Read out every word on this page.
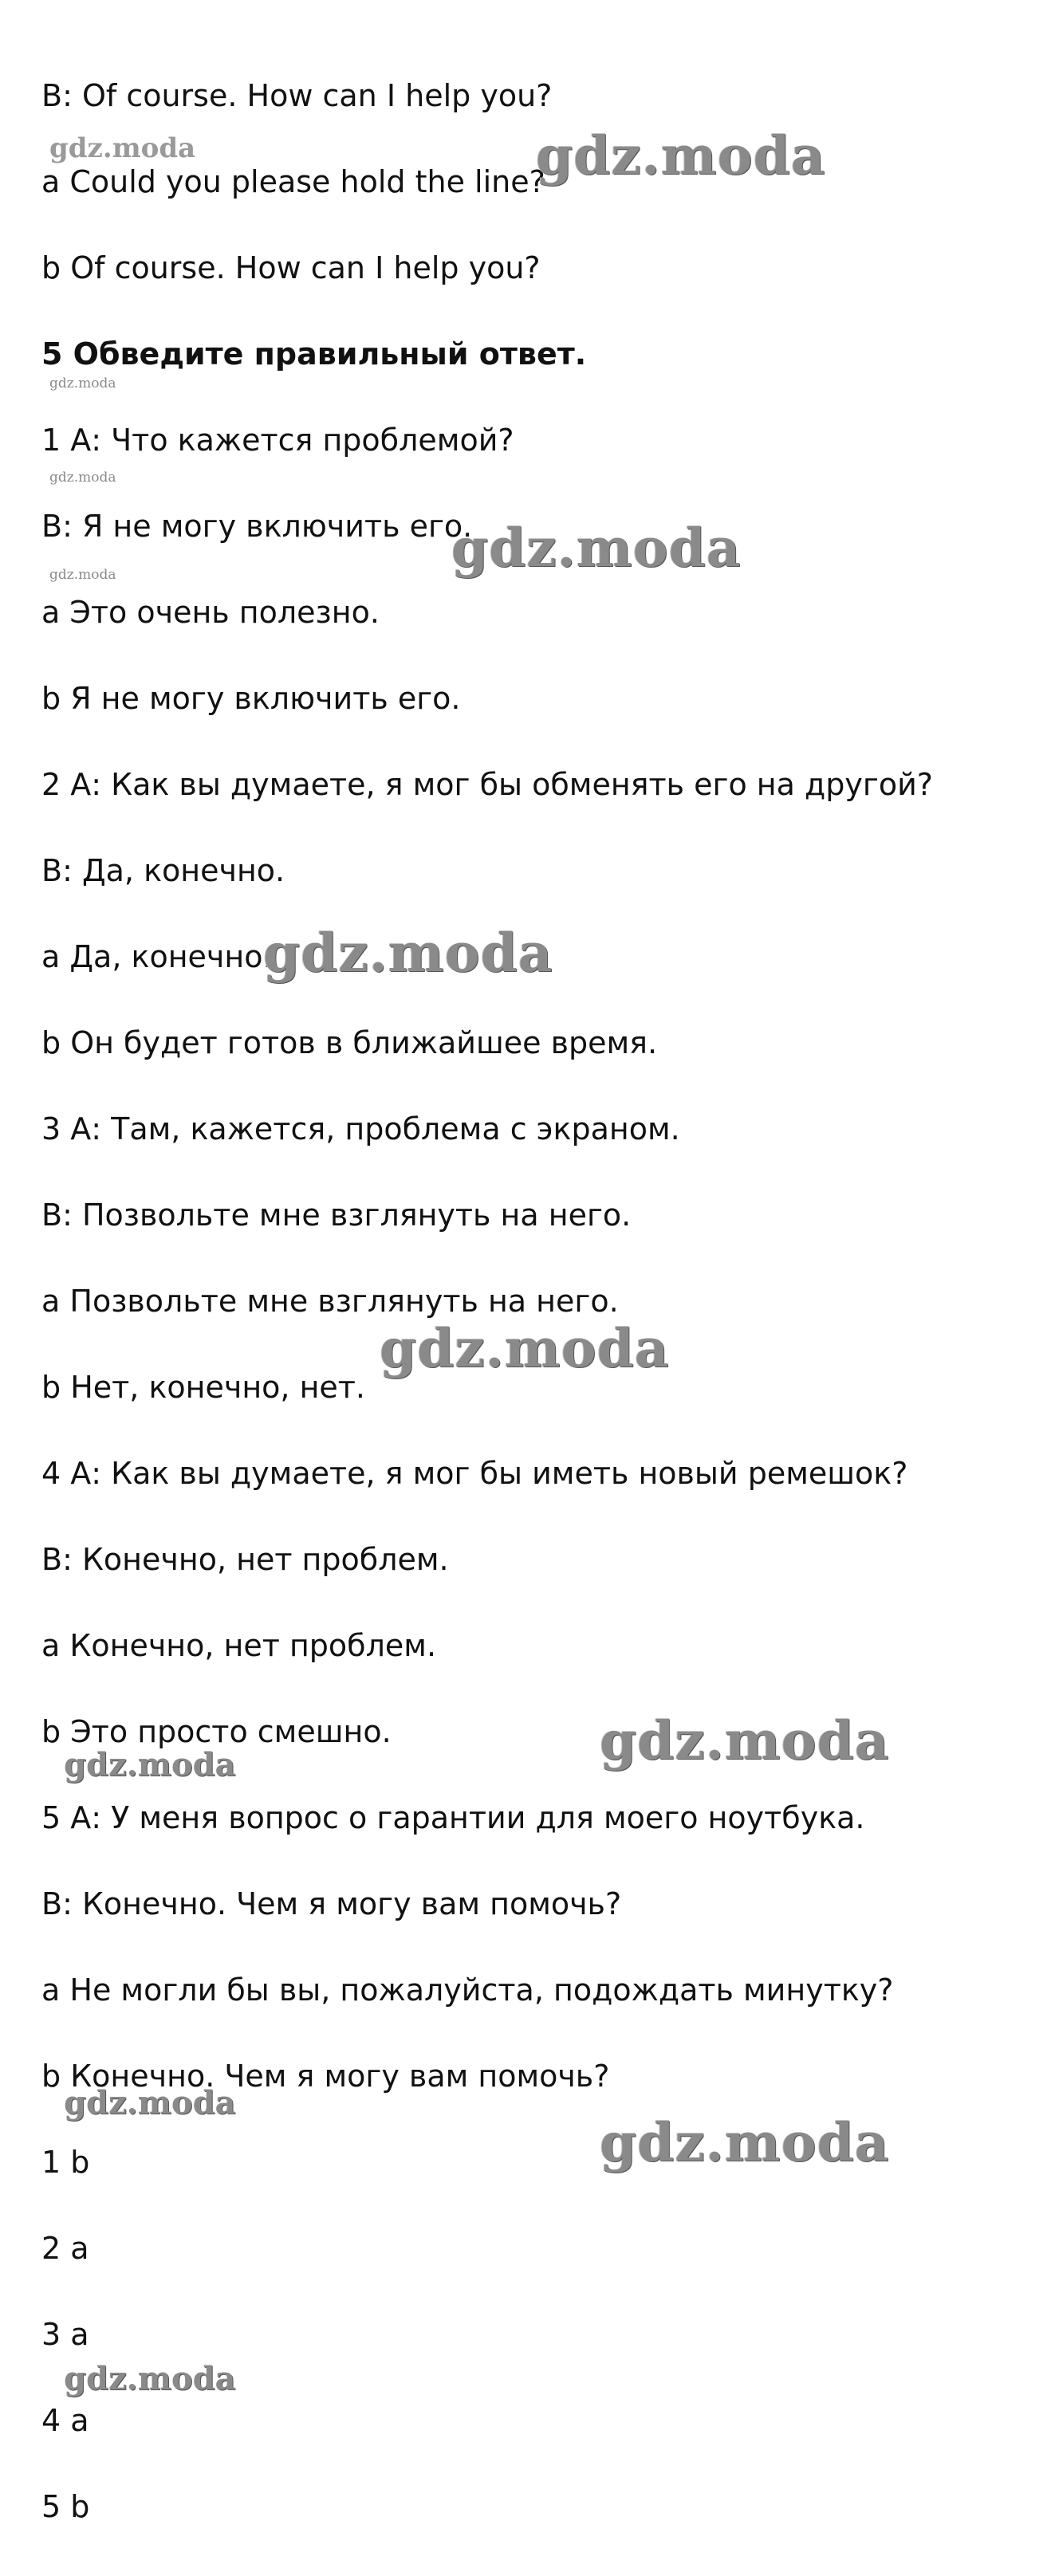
B: Of course. How can I help you?
a Could you please hold the line?
b Of course. How can I help you?
5 Обведите правильный ответ.
1 А: Что кажется проблемой?
В: Я не могу включить его.
a Это очень полезно.
b Я не могу включить его.
2 А: Как вы думаете, я мог бы обменять его на другой?
В: Да, конечно.
a Да, конечно.
b Он будет готов в ближайшее время.
3 А: Там, кажется, проблема с экраном.
В: Позвольте мне взглянуть на него.
a Позвольте мне взглянуть на него.
b Нет, конечно, нет.
4 А: Как вы думаете, я мог бы иметь новый ремешок?
В: Конечно, нет проблем.
a Конечно, нет проблем.
b Это просто смешно.
5 А: У меня вопрос о гарантии для моего ноутбука.
В: Конечно. Чем я могу вам помочь?
a Не могли бы вы, пожалуйста, подождать минутку?
b Конечно. Чем я могу вам помочь?
1 b
2 a
3 a
4 a
5 b
gdz.moda
gdz.moda
gdz.moda
gdz.moda
gdz.moda
gdz.moda
gdz.moda
gdz.moda
gdz.moda
gdz.moda
gdz.moda
gdz.moda
gdz.moda
